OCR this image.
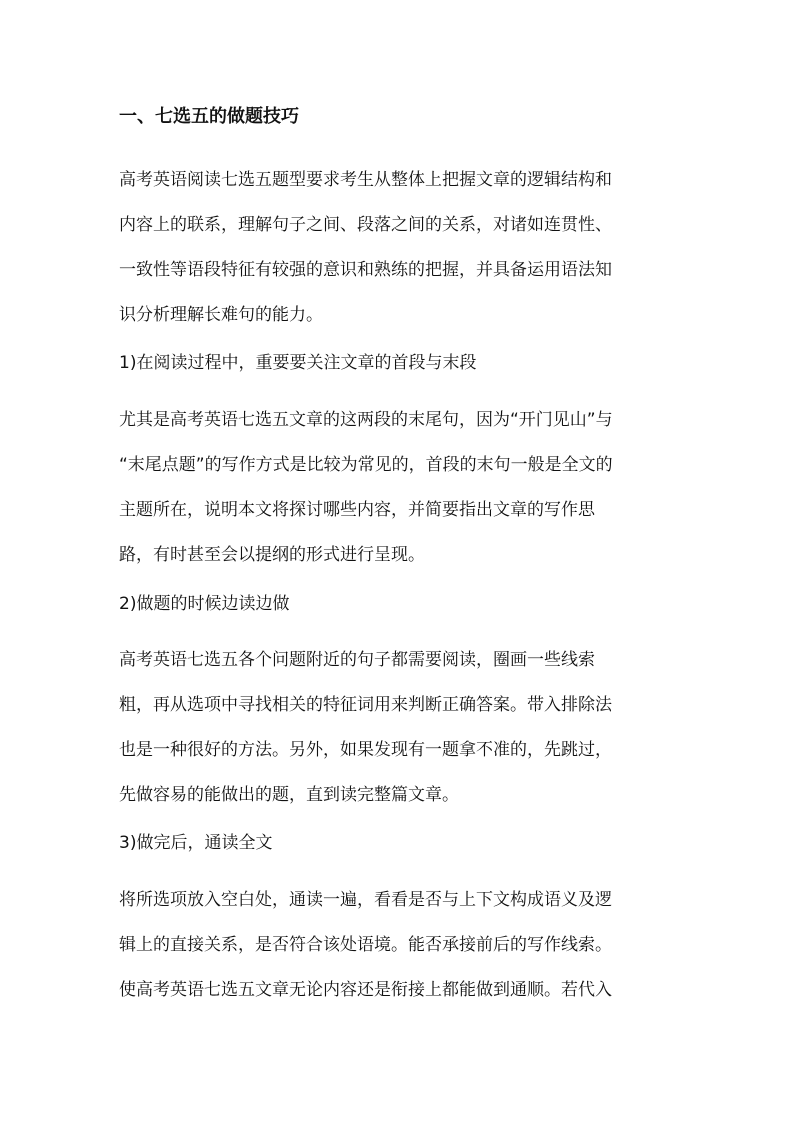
一、七选五的做题技巧
高考英语阅读七选五题型要求考生从整体上把握文章的逻辑结构和
内容上的联系，理解句子之间、段落之间的关系，对诸如连贯性、
一致性等语段特征有较强的意识和熟练的把握，并具备运用语法知
识分析理解长难句的能力。
1)在阅读过程中，重要要关注文章的首段与末段
尤其是高考英语七选五文章的这两段的末尾句，因为“开门见山”与
“末尾点题”的写作方式是比较为常见的，首段的末句一般是全文的
主题所在，说明本文将探讨哪些内容，并简要指出文章的写作思
路，有时甚至会以提纲的形式进行呈现。
2)做题的时候边读边做
高考英语七选五各个问题附近的句子都需要阅读，圈画一些线索
粗，再从选项中寻找相关的特征词用来判断正确答案。带入排除法
也是一种很好的方法。另外，如果发现有一题拿不准的，先跳过，
先做容易的能做出的题，直到读完整篇文章。
3)做完后，通读全文
将所选项放入空白处，通读一遍，看看是否与上下文构成语义及逻
辑上的直接关系，是否符合该处语境。能否承接前后的写作线索。
使高考英语七选五文章无论内容还是衔接上都能做到通顺。若代入
